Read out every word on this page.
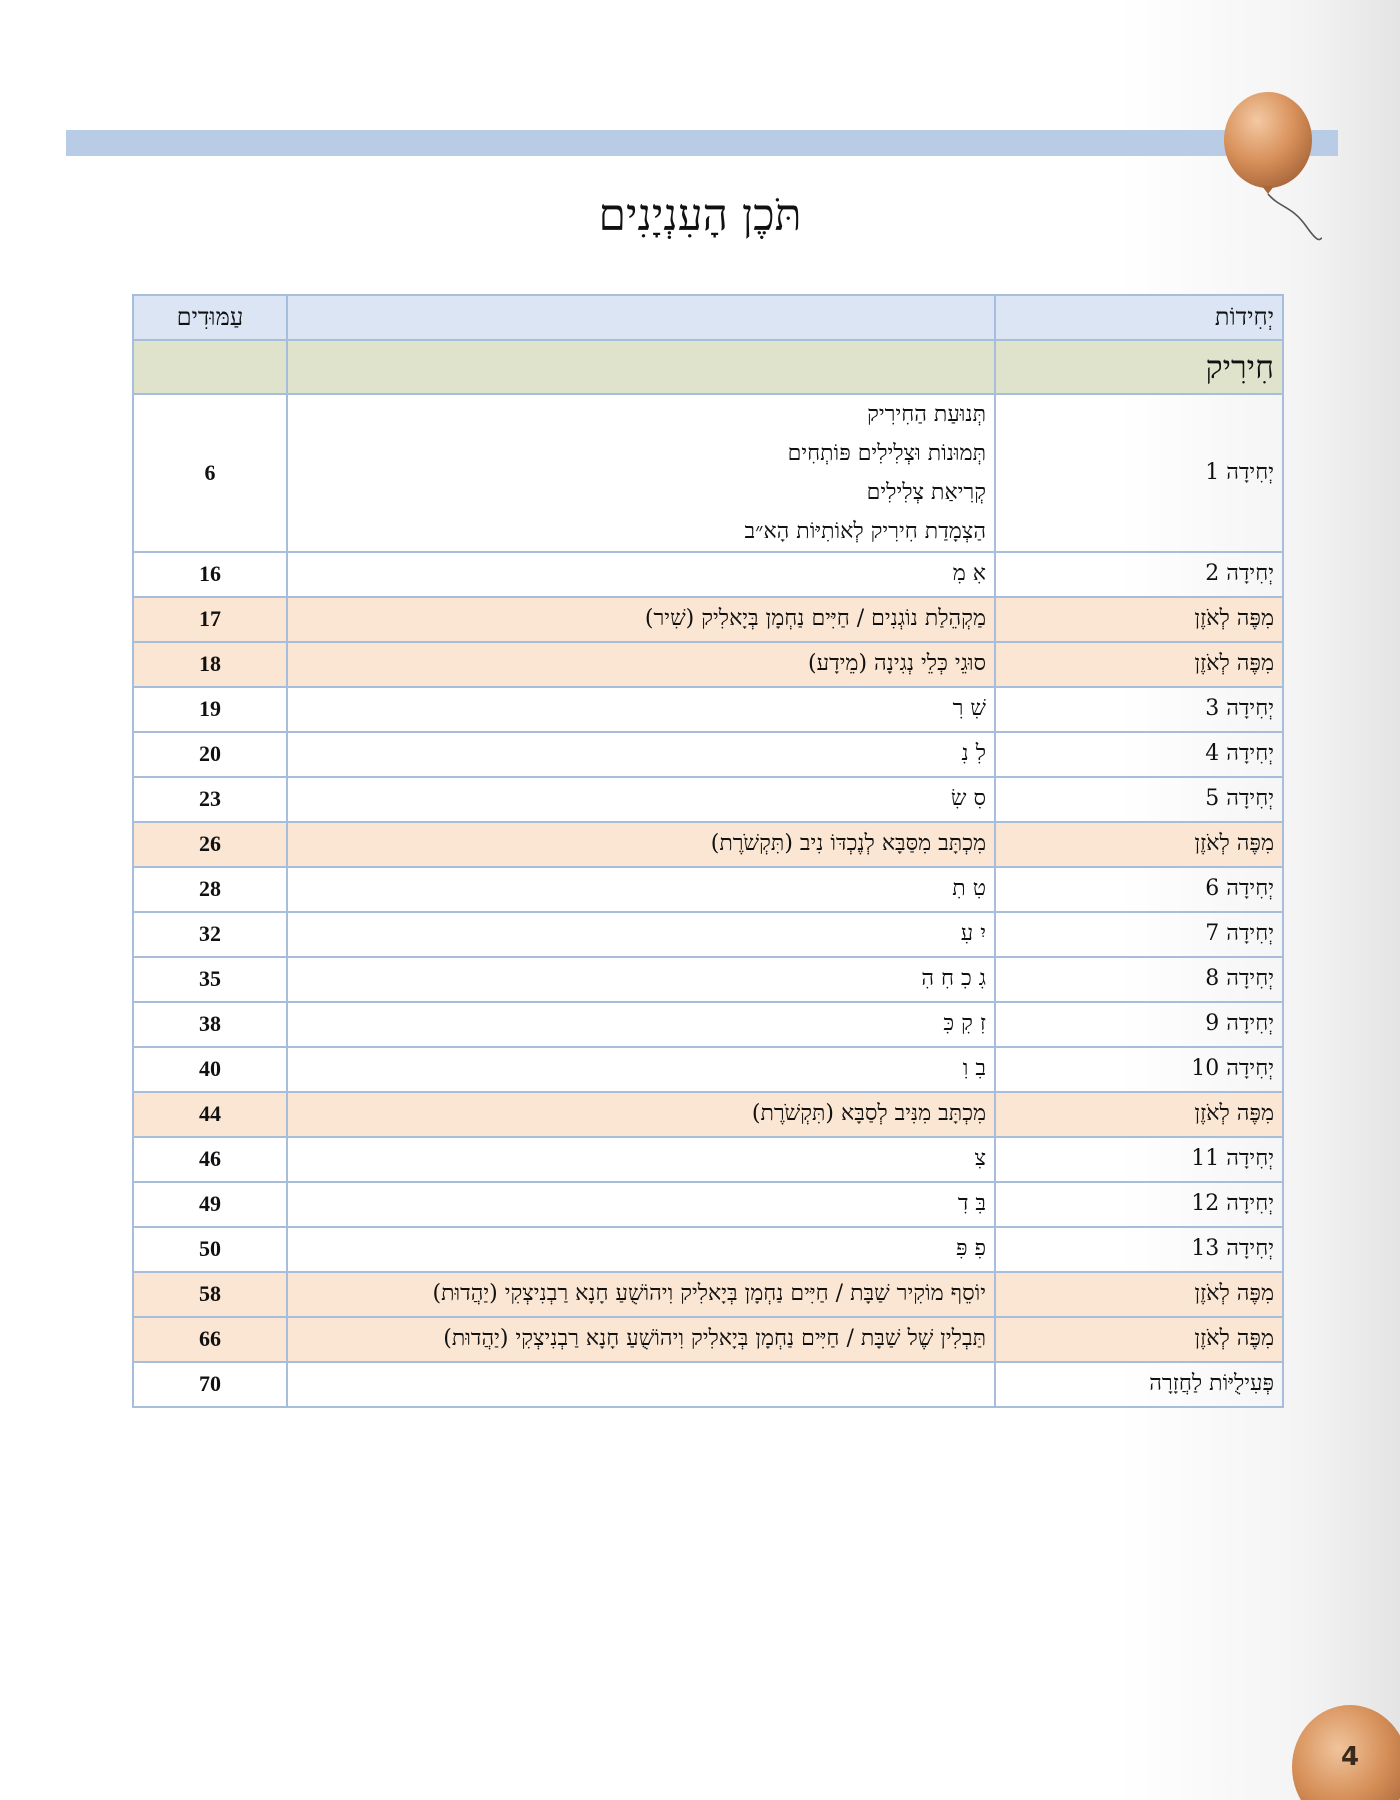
תֹּכֶן הָעִנְיָנִים
יְחִידוֹת		עַמּוּדִים
חִירִיק		
יְחִידָה 1	תְּנוּעַת הַחִירִיק
תְּמוּנוֹת וּצְלִילִים פּוֹתְחִים
קְרִיאַת צְלִילִים
הַצְמָדַת חִירִיק לְאוֹתִיּוֹת הָא״ב	6
יְחִידָה 2	אִ מִ	16
מִפֶּה לְאֹזֶן	מַקְהֵלַת נוֹגְנִים / חַיִּים נַחְמָן בְּיָאלִיק (שִׁיר)	17
מִפֶּה לְאֹזֶן	סוּגֵי כְּלֵי נְגִינָה (מֵידָע)	18
יְחִידָה 3	שִׁ רִ	19
יְחִידָה 4	לִ נִ	20
יְחִידָה 5	סִ שִׂ	23
מִפֶּה לְאֹזֶן	מִכְתָּב מִסַּבָּא לְנֶכְדּוֹ נִיב (תִּקְשֹׁרֶת)	26
יְחִידָה 6	טִ תִ	28
יְחִידָה 7	יִ עִ	32
יְחִידָה 8	גִ כִ חִ הִ	35
יְחִידָה 9	זִ קִ כִּ	38
יְחִידָה 10	בִ וִ	40
מִפֶּה לְאֹזֶן	מִכְתָּב מִנִּיב לְסַבָּא (תִּקְשֹׁרֶת)	44
יְחִידָה 11	צִ	46
יְחִידָה 12	בִּ דִ	49
יְחִידָה 13	פִ פִּ	50
מִפֶּה לְאֹזֶן	יוֹסֵף מוֹקִיר שַׁבָּת / חַיִּים נַחְמָן בְּיָאלִיק וִיהוֹשֻׁעַ חָנָא רַבְנִיצְקִי (יַהֲדוּת)	58
מִפֶּה לְאֹזֶן	תַּבְלִין שֶׁל שַׁבָּת / חַיִּים נַחְמָן בְּיָאלִיק וִיהוֹשֻׁעַ חָנָא רַבְנִיצְקִי (יַהֲדוּת)	66
פְּעִילֻיּוֹת לַחֲזָרָה		70
4
